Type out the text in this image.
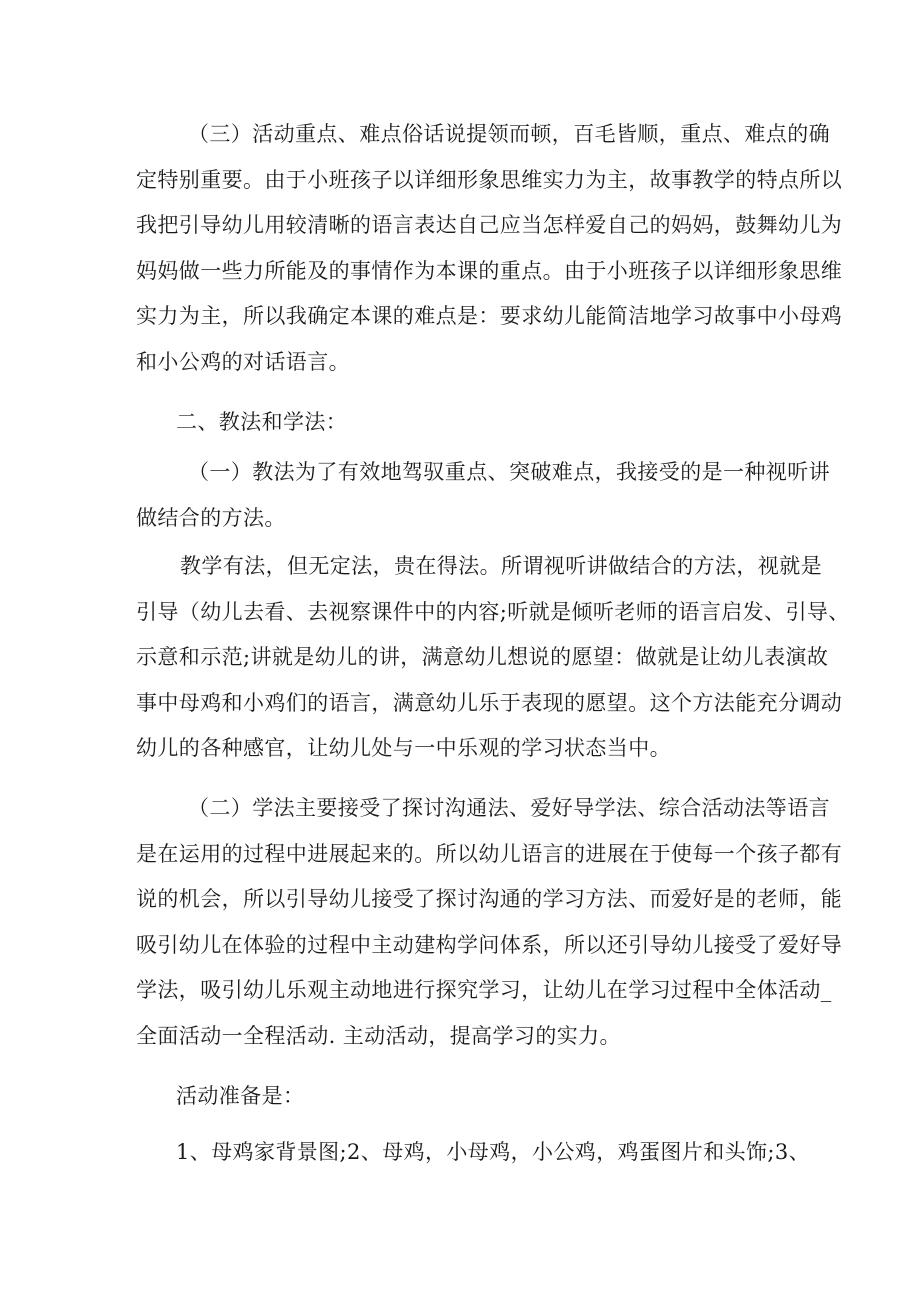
（三）活动重点、难点俗话说提领而顿，百毛皆顺，重点、难点的确
定特别重要。由于小班孩子以详细形象思维实力为主，故事教学的特点所以
我把引导幼儿用较清晰的语言表达自己应当怎样爱自己的妈妈，鼓舞幼儿为
妈妈做一些力所能及的事情作为本课的重点。由于小班孩子以详细形象思维
实力为主，所以我确定本课的难点是：要求幼儿能简洁地学习故事中小母鸡
和小公鸡的对话语言。

二、教法和学法：

（一）教法为了有效地驾驭重点、突破难点，我接受的是一种视听讲
做结合的方法。

教学有法，但无定法，贵在得法。所谓视听讲做结合的方法，视就是
引导（幼儿去看、去视察课件中的内容;听就是倾听老师的语言启发、引导、
示意和示范;讲就是幼儿的讲，满意幼儿想说的愿望：做就是让幼儿表演故
事中母鸡和小鸡们的语言，满意幼儿乐于表现的愿望。这个方法能充分调动
幼儿的各种感官，让幼儿处与一中乐观的学习状态当中。

（二）学法主要接受了探讨沟通法、爱好导学法、综合活动法等语言
是在运用的过程中进展起来的。所以幼儿语言的进展在于使每一个孩子都有
说的机会，所以引导幼儿接受了探讨沟通的学习方法、而爱好是的老师，能
吸引幼儿在体验的过程中主动建构学问体系，所以还引导幼儿接受了爱好导
学法，吸引幼儿乐观主动地进行探究学习，让幼儿在学习过程中全体活动_
全面活动一全程活动. 主动活动，提高学习的实力。

活动准备是：

1、母鸡家背景图;2、母鸡，小母鸡，小公鸡，鸡蛋图片和头饰;3、
